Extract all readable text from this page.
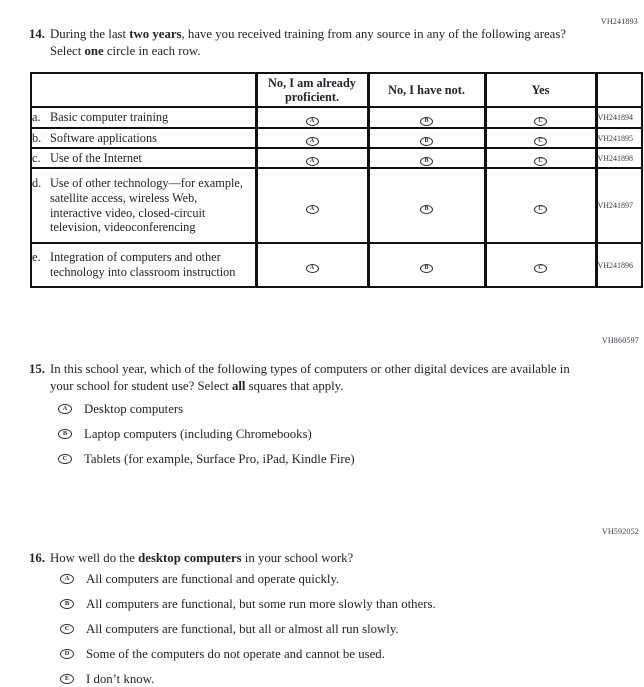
VH241893
VH860597
VH592052
14. During the last two years, have you received training from any source in any of the following areas? Select one circle in each row.
	No, I am already proficient.	No, I have not.	Yes	

a. Basic computer training	A	B	C	VH241894

b. Software applications	A	B	C	VH241895

c. Use of the Internet	A	B	C	VH241898

d. Use of other technology—for example, satellite access, wireless Web, interactive video, closed-circuit television, videoconferencing	A	B	C	VH241897

e. Integration of computers and other technology into classroom instruction	A	B	C	VH241896
15. In this school year, which of the following types of computers or other digital devices are available in your school for student use? Select all squares that apply.
A	Desktop computers
B	Laptop computers (including Chromebooks)
C	Tablets (for example, Surface Pro, iPad, Kindle Fire)
16. How well do the desktop computers in your school work?
A	All computers are functional and operate quickly.
B	All computers are functional, but some run more slowly than others.
C	All computers are functional, but all or almost all run slowly.
D	Some of the computers do not operate and cannot be used.
E	I don’t know.
